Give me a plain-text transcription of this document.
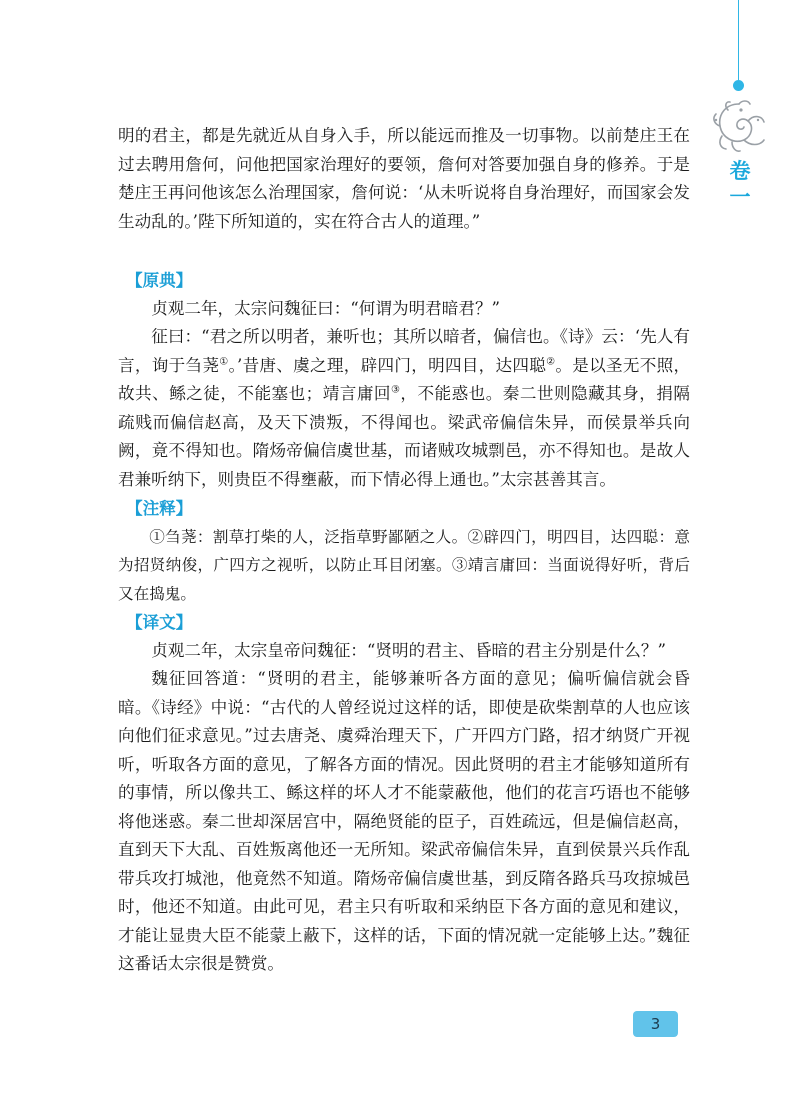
卷
一

明的君主，都是先就近从自身入手，所以能远而推及一切事物。以前楚庄王在过去聘用詹何，问他把国家治理好的要领，詹何对答要加强自身的修养。于是楚庄王再问他该怎么治理国家，詹何说：‘从未听说将自身治理好，而国家会发生动乱的。’陛下所知道的，实在符合古人的道理。”

【原典】

贞观二年，太宗问魏征曰：“何谓为明君暗君？”

征曰：“君之所以明者，兼听也；其所以暗者，偏信也。《诗》云：‘先人有言，询于刍荛①。’昔唐、虞之理，辟四门，明四目，达四聪②。是以圣无不照，故共、鲧之徒，不能塞也；靖言庸回③，不能惑也。秦二世则隐藏其身，捐隔疏贱而偏信赵高，及天下溃叛，不得闻也。梁武帝偏信朱异，而侯景举兵向阙，竟不得知也。隋炀帝偏信虞世基，而诸贼攻城剽邑，亦不得知也。是故人君兼听纳下，则贵臣不得壅蔽，而下情必得上通也。”太宗甚善其言。

【注释】

①刍荛：割草打柴的人，泛指草野鄙陋之人。②辟四门，明四目，达四聪：意为招贤纳俊，广四方之视听，以防止耳目闭塞。③靖言庸回：当面说得好听，背后又在捣鬼。

【译文】

贞观二年，太宗皇帝问魏征：“贤明的君主、昏暗的君主分别是什么？”

魏征回答道：“贤明的君主，能够兼听各方面的意见；偏听偏信就会昏暗。《诗经》中说：“古代的人曾经说过这样的话，即使是砍柴割草的人也应该向他们征求意见。”过去唐尧、虞舜治理天下，广开四方门路，招才纳贤广开视听，听取各方面的意见，了解各方面的情况。因此贤明的君主才能够知道所有的事情，所以像共工、鲧这样的坏人才不能蒙蔽他，他们的花言巧语也不能够将他迷惑。秦二世却深居宫中，隔绝贤能的臣子，百姓疏远，但是偏信赵高，直到天下大乱、百姓叛离他还一无所知。梁武帝偏信朱异，直到侯景兴兵作乱带兵攻打城池，他竟然不知道。隋炀帝偏信虞世基，到反隋各路兵马攻掠城邑时，他还不知道。由此可见，君主只有听取和采纳臣下各方面的意见和建议，才能让显贵大臣不能蒙上蔽下，这样的话，下面的情况就一定能够上达。”魏征这番话太宗很是赞赏。

3
